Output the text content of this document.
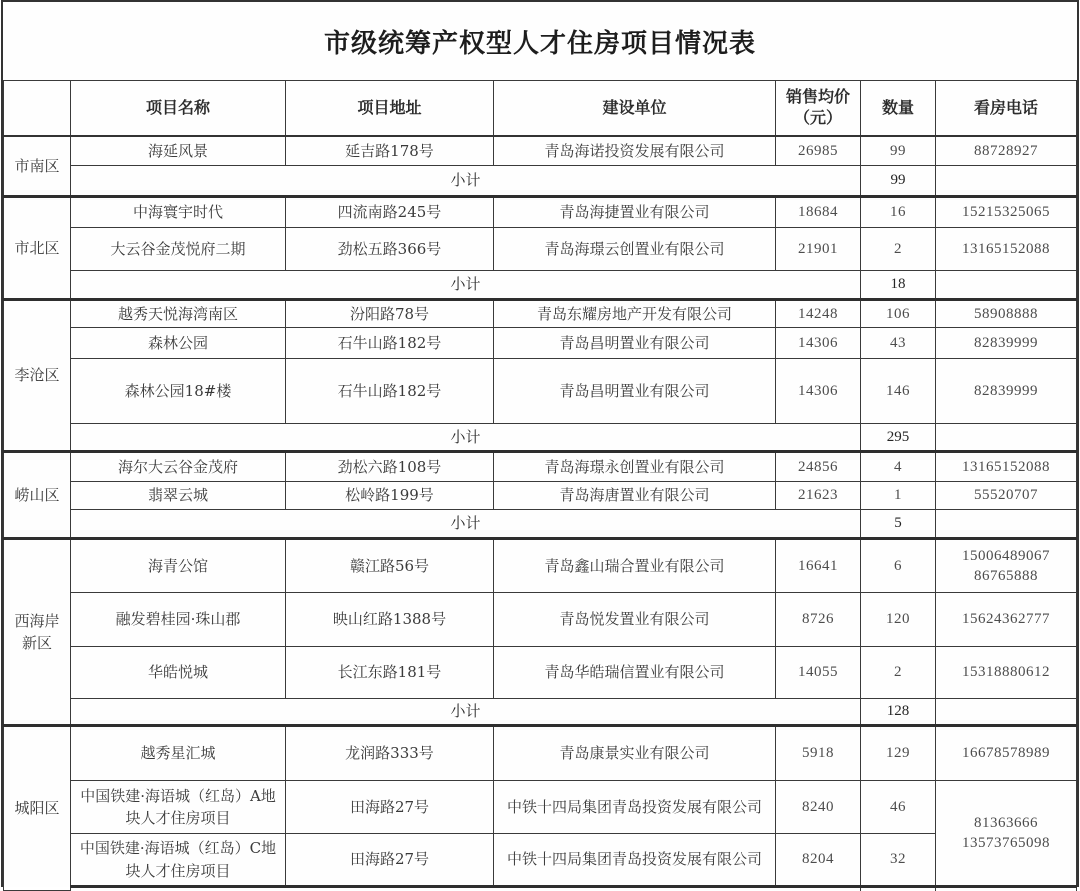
市级统筹产权型人才住房项目情况表
	项目名称	项目地址	建设单位	销售均价
（元）	数量	看房电话
市南区	海延风景	延吉路178号	青岛海诺投资发展有限公司	26985	99	88728927
	小计				99	
市北区	中海寰宇时代	四流南路245号	青岛海捷置业有限公司	18684	16	15215325065
	大云谷金茂悦府二期	劲松五路366号	青岛海璟云创置业有限公司	21901	2	13165152088
	小计				18	
李沧区	越秀天悦海湾南区	汾阳路78号	青岛东耀房地产开发有限公司	14248	106	58908888
	森林公园	石牛山路182号	青岛昌明置业有限公司	14306	43	82839999
	森林公园18#楼	石牛山路182号	青岛昌明置业有限公司	14306	146	82839999
	小计				295	
崂山区	海尔大云谷金茂府	劲松六路108号	青岛海璟永创置业有限公司	24856	4	13165152088
	翡翠云城	松岭路199号	青岛海唐置业有限公司	21623	1	55520707
	小计				5	
西海岸新区	海青公馆	赣江路56号	青岛鑫山瑞合置业有限公司	16641	6	15006489067
86765888

	融发碧桂园·珠山郡	映山红路1388号	青岛悦发置业有限公司	8726	120	15624362777
	华皓悦城	长江东路181号	青岛华皓瑞信置业有限公司	14055	2	15318880612
	小计				128	
城阳区	越秀星汇城	龙润路333号	青岛康景实业有限公司	5918	129	16678578989
	中国铁建·海语城（红岛）A地块人才住房项目	田海路27号	中铁十四局集团青岛投资发展有限公司	8240	46	81363666
13573765098

	中国铁建·海语城（红岛）C地块人才住房项目	田海路27号	中铁十四局集团青岛投资发展有限公司	8204	32	
